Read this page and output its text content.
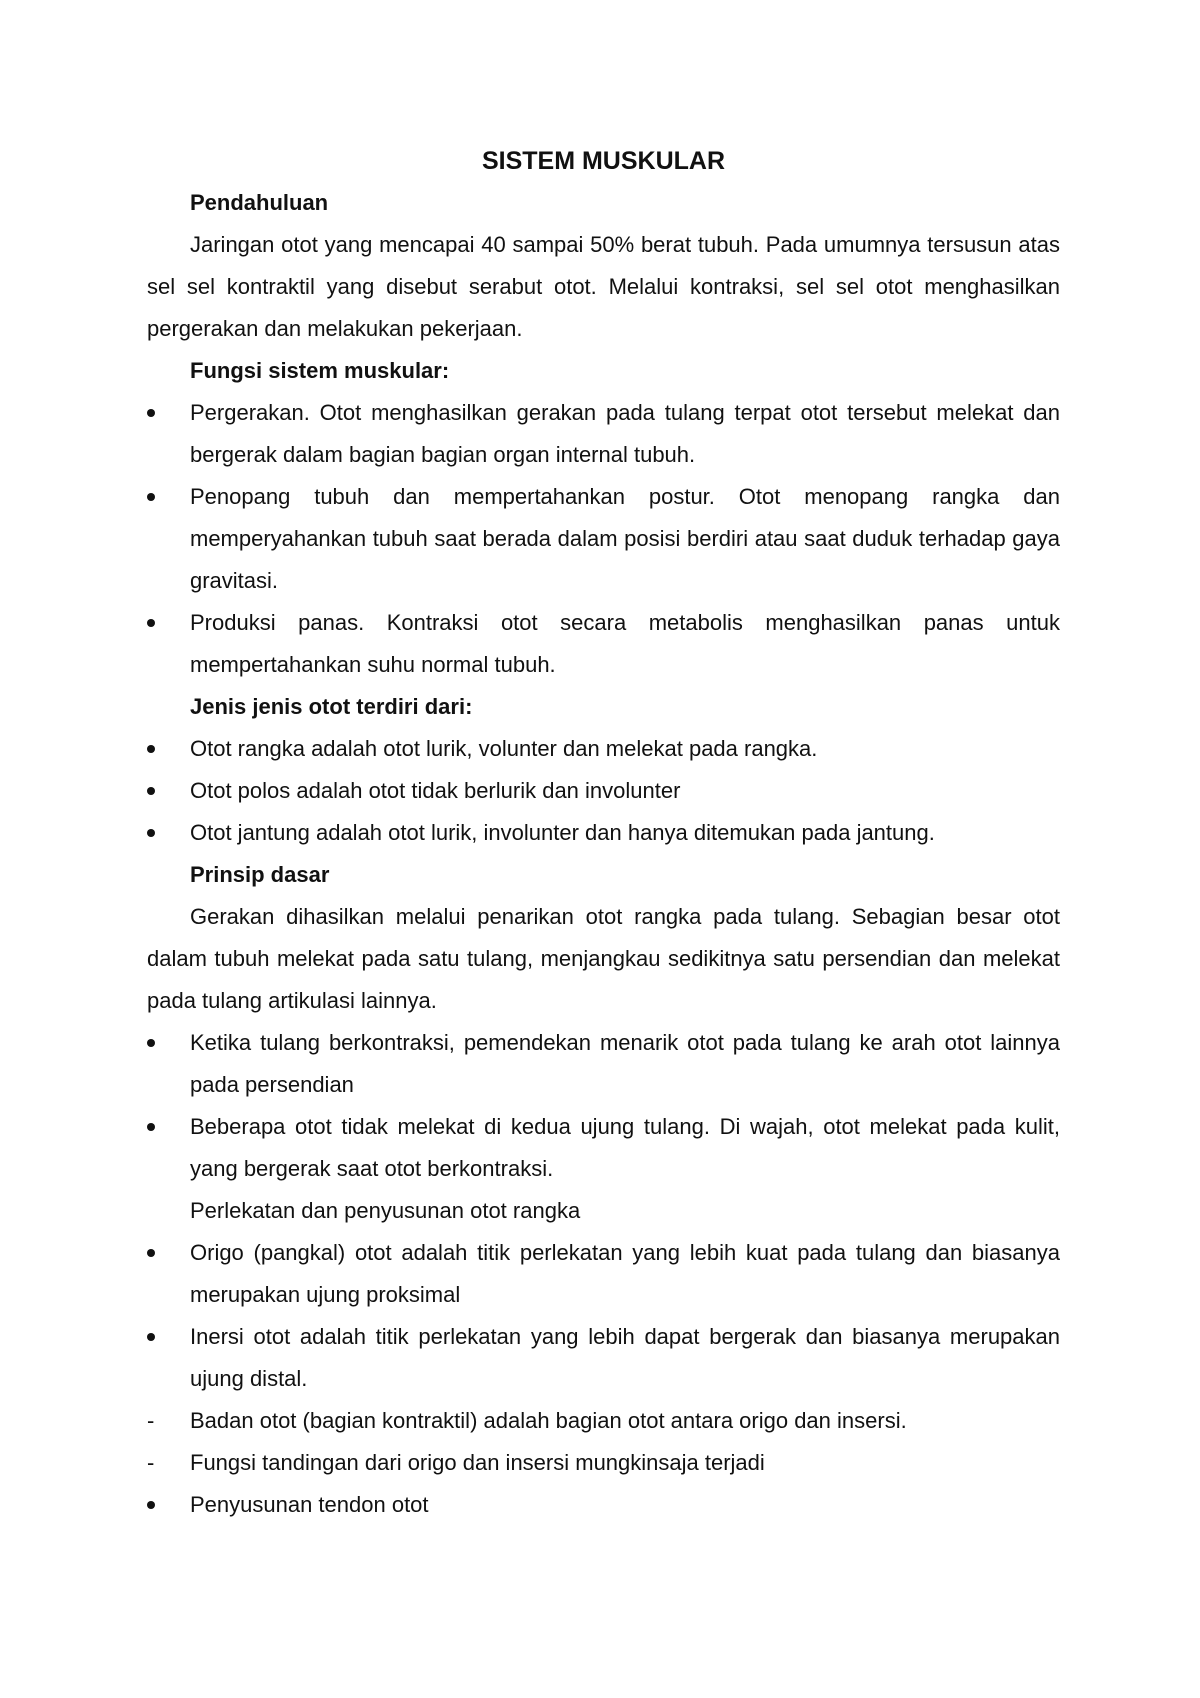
SISTEM MUSKULAR

Pendahuluan

Jaringan otot yang mencapai 40 sampai 50% berat tubuh. Pada umumnya tersusun atas sel sel kontraktil yang disebut serabut otot. Melalui kontraksi, sel sel otot menghasilkan pergerakan dan melakukan pekerjaan.

Fungsi sistem muskular:

Pergerakan. Otot menghasilkan gerakan pada tulang terpat otot tersebut melekat dan bergerak dalam bagian bagian organ internal tubuh.
Penopang tubuh dan mempertahankan postur. Otot menopang rangka dan memperyahankan tubuh saat berada dalam posisi berdiri atau saat duduk terhadap gaya gravitasi.
Produksi panas. Kontraksi otot secara metabolis menghasilkan panas untuk mempertahankan suhu normal tubuh.

Jenis jenis otot terdiri dari:

Otot rangka adalah otot lurik, volunter dan melekat pada rangka.
Otot polos adalah otot tidak berlurik dan involunter
Otot jantung adalah otot lurik, involunter dan hanya ditemukan pada jantung.

Prinsip dasar

Gerakan dihasilkan melalui penarikan otot rangka pada tulang. Sebagian besar otot dalam tubuh melekat pada satu tulang, menjangkau sedikitnya satu persendian dan melekat pada tulang artikulasi lainnya.

Ketika tulang berkontraksi, pemendekan menarik otot pada tulang ke arah otot lainnya pada persendian
Beberapa otot tidak melekat di kedua ujung tulang. Di wajah, otot melekat pada kulit, yang bergerak saat otot berkontraksi.

Perlekatan dan penyusunan otot rangka

Origo (pangkal) otot adalah titik perlekatan yang lebih kuat pada tulang dan biasanya merupakan ujung proksimal
Inersi otot adalah titik perlekatan yang lebih dapat bergerak dan biasanya merupakan ujung distal.
-	Badan otot (bagian kontraktil) adalah bagian otot antara origo dan insersi.
-	Fungsi tandingan dari origo dan insersi mungkinsaja terjadi
Penyusunan tendon otot
